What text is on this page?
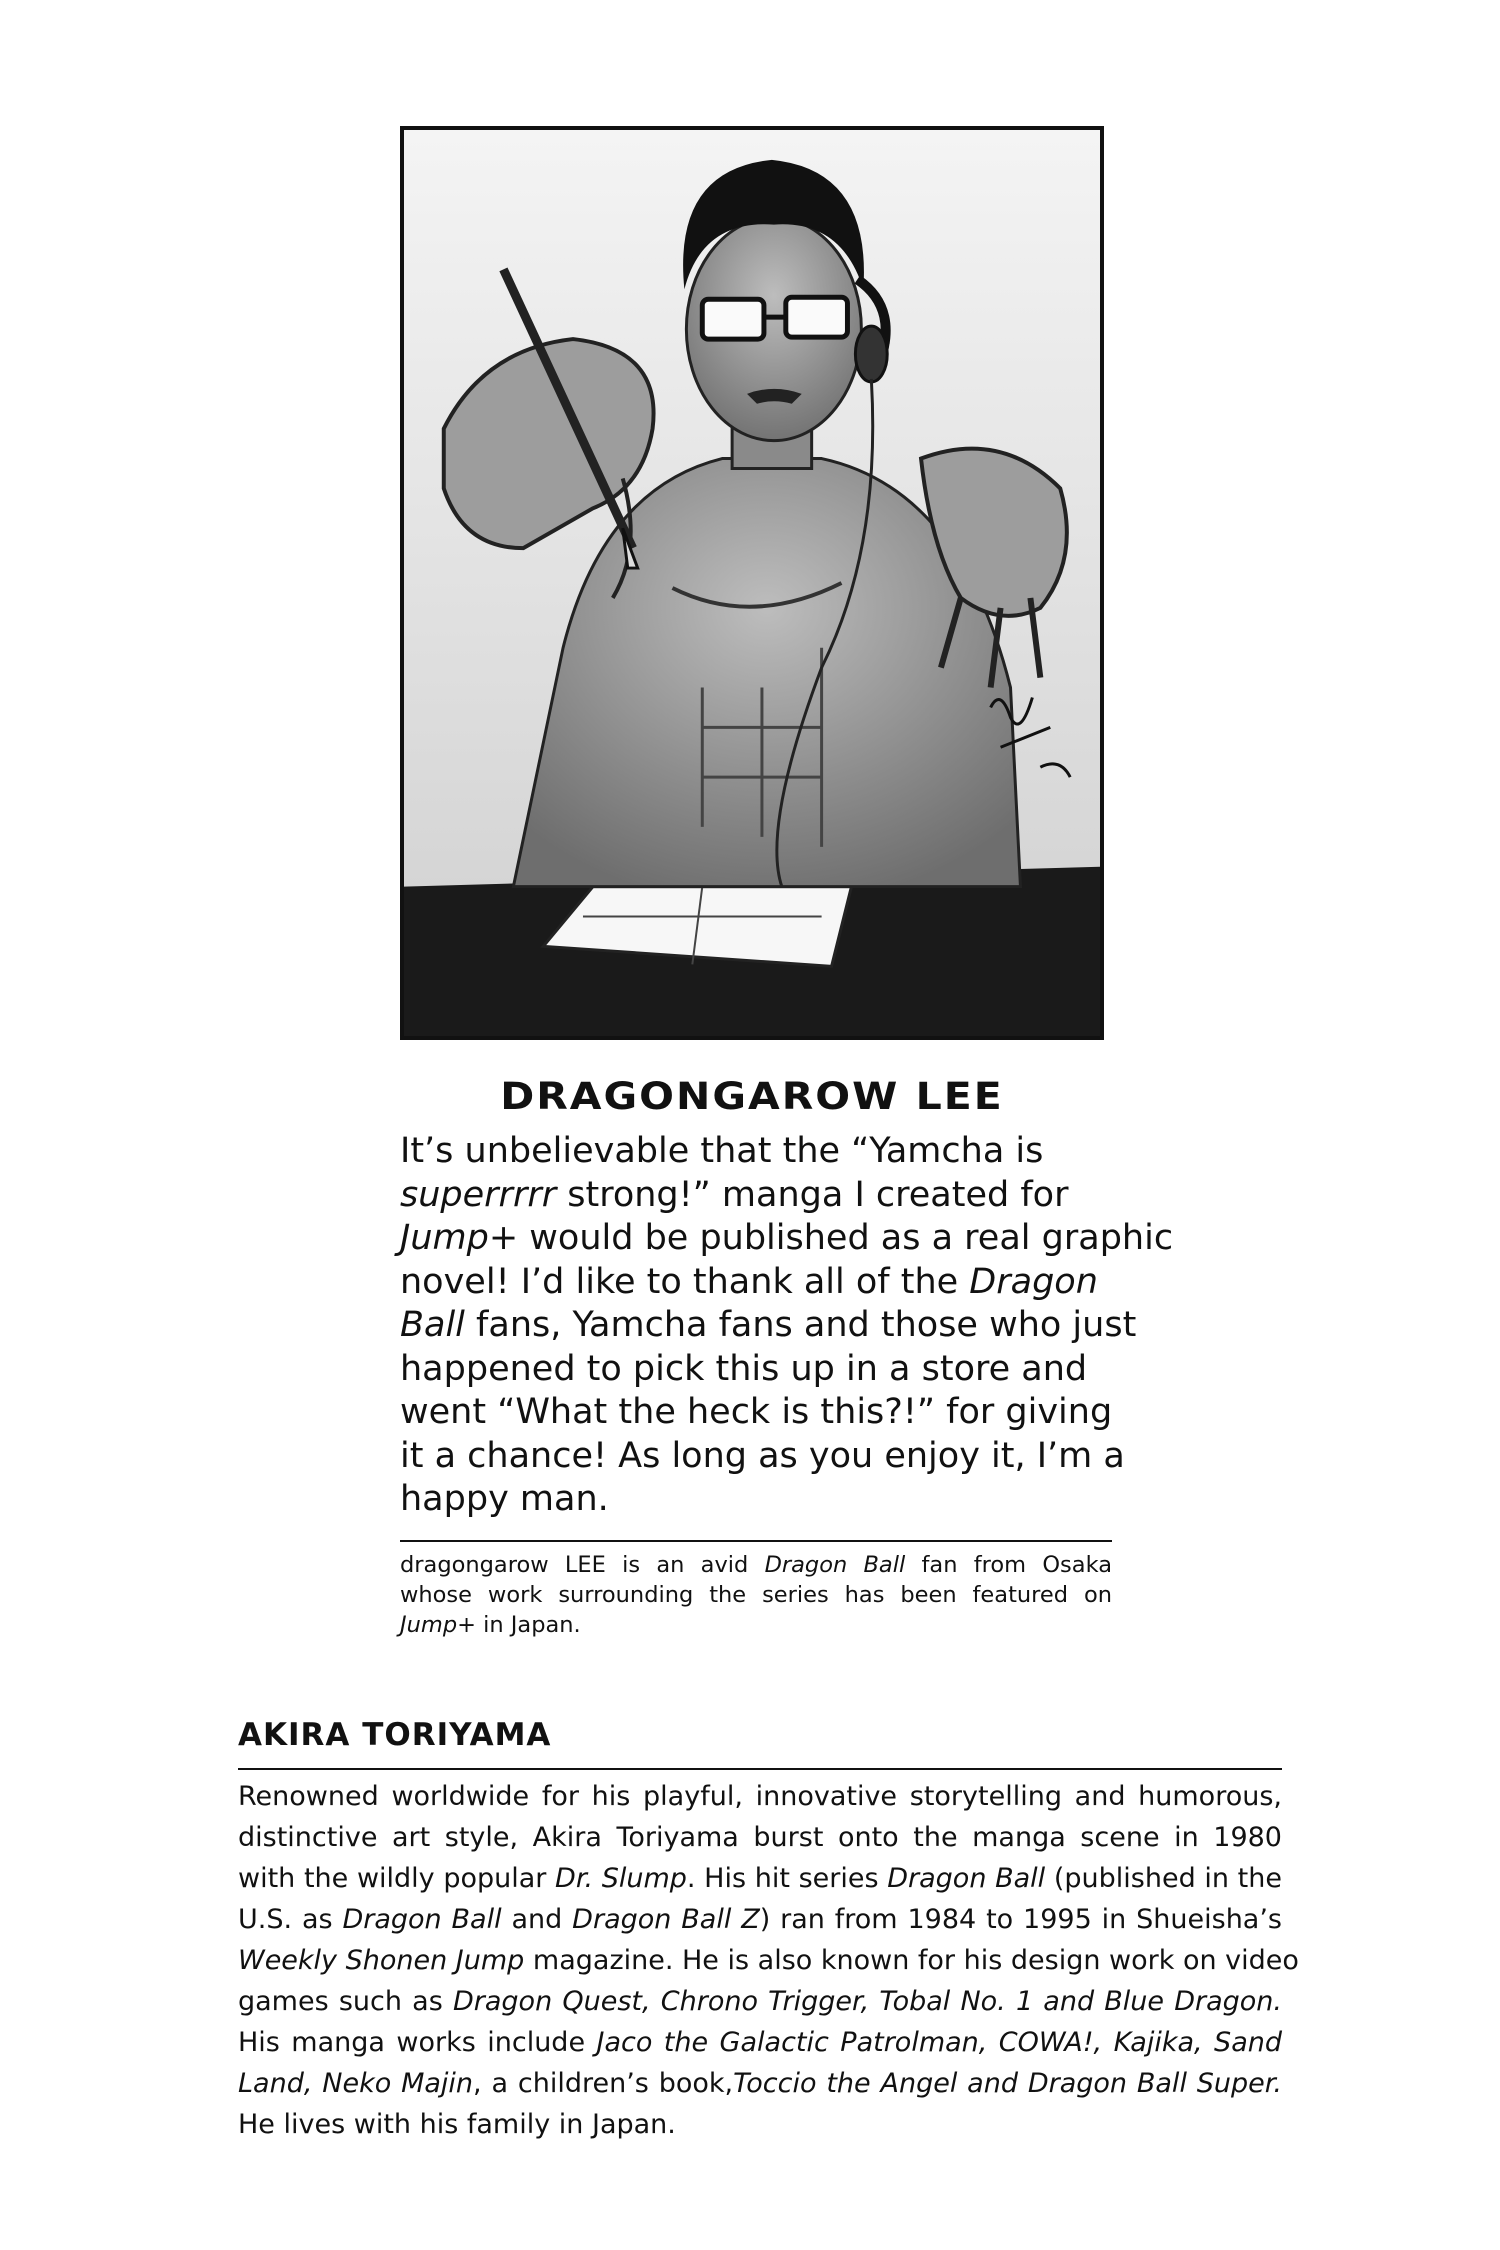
DRAGONGAROW LEE

It’s unbelievable that the “Yamcha is

superrrrr strong!” manga I created for

Jump+ would be published as a real graphic

novel! I’d like to thank all of the Dragon

Ball fans, Yamcha fans and those who just

happened to pick this up in a store and

went “What the heck is this?!” for giving

it a chance! As long as you enjoy it, I’m a

happy man.

dragongarow LEE is an avid Dragon Ball fan from Osaka

whose work surrounding the series has been featured on

Jump+ in Japan.

AKIRA TORIYAMA

Renowned worldwide for his playful, innovative storytelling and humorous,

distinctive art style, Akira Toriyama burst onto the manga scene in 1980

with the wildly popular Dr. Slump. His hit series Dragon Ball (published in the

U.S. as Dragon Ball and Dragon Ball Z) ran from 1984 to 1995 in Shueisha’s

Weekly Shonen Jump magazine. He is also known for his design work on video

games such as Dragon Quest, Chrono Trigger, Tobal No. 1 and Blue Dragon.

His manga works include Jaco the Galactic Patrolman, COWA!, Kajika, Sand

Land, Neko Majin, a children’s book,Toccio the Angel and Dragon Ball Super.

He lives with his family in Japan.
